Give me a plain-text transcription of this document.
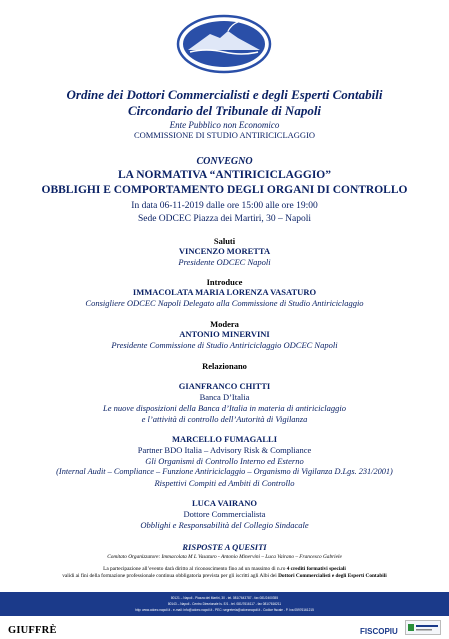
Ordine dei Dottori Commercialisti e degli Esperti Contabili
Circondario del Tribunale di Napoli
Ente Pubblico non Economico
COMMISSIONE DI STUDIO ANTIRICICLAGGIO
CONVEGNO
LA NORMATIVA “ANTIRICICLAGGIO”
OBBLIGHI E COMPORTAMENTO DEGLI ORGANI DI CONTROLLO
In data 06-11-2019 dalle ore 15:00 alle ore 19:00
Sede ODCEC Piazza dei Martiri, 30 – Napoli
Saluti
VINCENZO MORETTA
Presidente ODCEC Napoli
Introduce
IMMACOLATA MARIA LORENZA VASATURO
Consigliere ODCEC Napoli Delegato alla Commissione di Studio Antiriciclaggio
Modera
ANTONIO MINERVINI
Presidente Commissione di Studio Antiriciclaggio ODCEC Napoli
Relazionano
GIANFRANCO CHITTI
Banca D’Italia
Le nuove disposizioni della Banca d’Italia in materia di antiriciclaggio
e l’attività di controllo dell’Autorità di Vigilanza
MARCELLO FUMAGALLI
Partner BDO Italia – Advisory Risk & Compliance
Gli Organismi di Controllo Interno ed Esterno
(Internal Audit – Compliance – Funzione Antiriciclaggio – Organismo di Vigilanza D.Lgs. 231/2001)
Rispettivi Compiti ed Ambiti di Controllo
LUCA VAIRANO
Dottore Commercialista
Obblighi e Responsabilità del Collegio Sindacale
RISPOSTE A QUESITI
Comitato Organizzatore: Immacolata M L Vasaturo - Antonio Minervini – Luca Vairano – Francesco Gabriele
La partecipazione all’evento darà diritto al riconoscimento fino ad un massimo di n.ro 4 crediti formativi speciali
validi ai fini della formazione professionale continua obbligatoria prevista per gli iscritti agli Albi dei Dottori Commercialisti e degli Esperti Contabili
80121 – Napoli - Piazza dei Martiri, 30 - tel. 081/7643787 - fax 081/2400355
80143 – Napoli - Centro Direzionale Is. E/1 - tel. 081/7616117 - fax 081/7616211
http: www.odcec.napoli.it - e-mail: info@odcec.napoli.it - PEC: segreteria@odcecnapoli.it - Codice fiscale - P. Iva 05976161215
GIUFFRÈ	FISCOPIU
